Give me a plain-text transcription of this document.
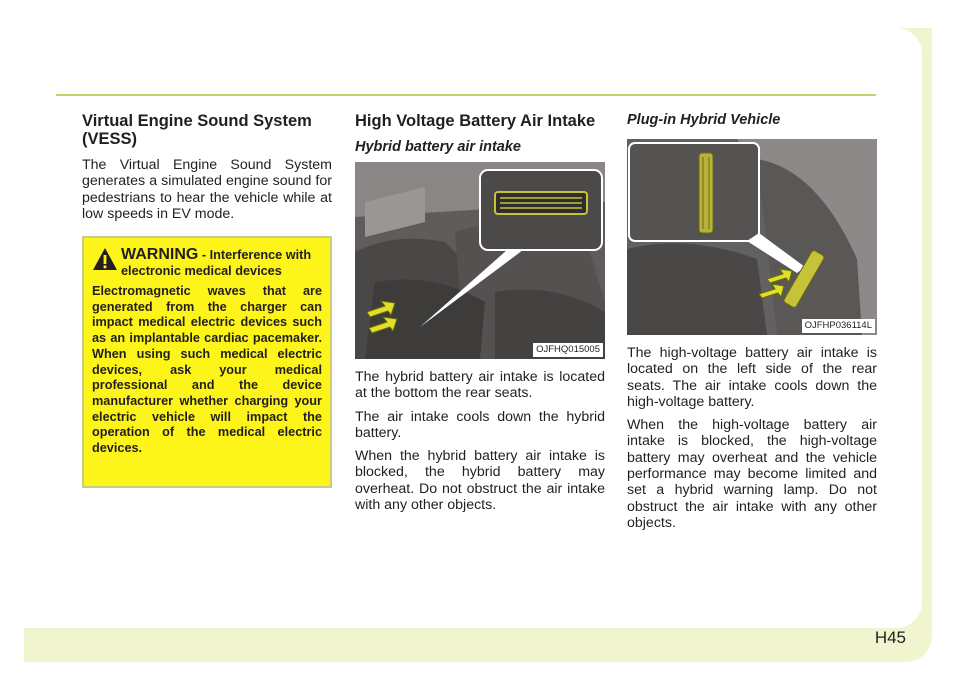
Virtual Engine Sound System (VESS)

The Virtual Engine Sound System generates a simulated engine sound for pedestrians to hear the vehicle while at low speeds in EV mode.

WARNING - Interference with electronic medical devices
Electromagnetic waves that are generated from the charger can impact medical electric devices such as an implantable cardiac pacemaker. When using such medical electric devices, ask your medical professional and the device manufacturer whether charging your electric vehicle will impact the operation of the medical electric devices.
High Voltage Battery Air Intake
Hybrid battery air intake
OJFHQ015005

The hybrid battery air intake is located at the bottom the rear seats.

The air intake cools down the hybrid battery.

When the hybrid battery air intake is blocked, the hybrid battery may overheat. Do not obstruct the air intake with any other objects.

Plug-in Hybrid Vehicle
OJFHP036114L

The high-voltage battery air intake is located on the left side of the rear seats. The air intake cools down the high-voltage battery.

When the high-voltage battery air intake is blocked, the high-voltage battery may overheat and the vehicle performance may become limited and set a hybrid warning lamp. Do not obstruct the air intake with any other objects.

H45
